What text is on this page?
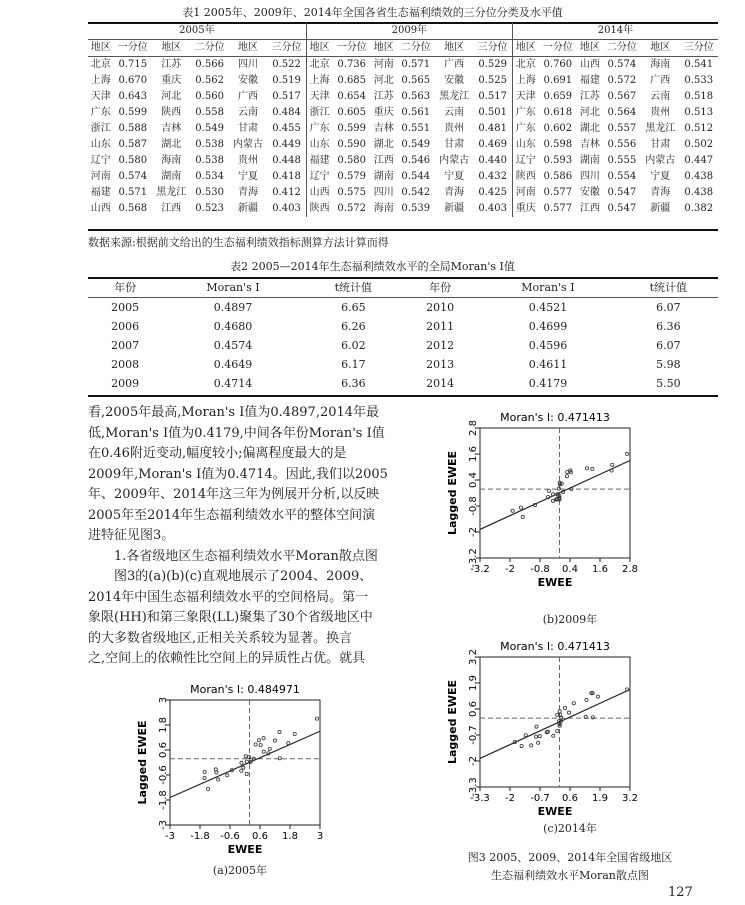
表1 2005年、2009年、2014年全国各省生态福利绩效的三分位分类及水平值
2005年						2009年						2014年					
地区	一分位	地区	二分位	地区	三分位	地区	一分位	地区	二分位	地区	三分位	地区	一分位	地区	二分位	地区	三分位
北京	0.715	江苏	0.566	四川	0.522	北京	0.736	河南	0.571	广西	0.529	北京	0.760	山西	0.574	海南	0.541
上海	0.670	重庆	0.562	安徽	0.519	上海	0.685	河北	0.565	安徽	0.525	上海	0.691	福建	0.572	广西	0.533
天津	0.643	河北	0.560	广西	0.517	天津	0.654	江苏	0.563	黑龙江	0.517	天津	0.659	江苏	0.567	云南	0.518
广东	0.599	陕西	0.558	云南	0.484	浙江	0.605	重庆	0.561	云南	0.501	广东	0.618	河北	0.564	贵州	0.513
浙江	0.588	吉林	0.549	甘肃	0.455	广东	0.599	吉林	0.551	贵州	0.481	广东	0.602	湖北	0.557	黑龙江	0.512
山东	0.587	湖北	0.538	内蒙古	0.449	山东	0.590	湖北	0.549	甘肃	0.469	山东	0.598	吉林	0.556	甘肃	0.502
辽宁	0.580	海南	0.538	贵州	0.448	福建	0.580	江西	0.546	内蒙古	0.440	辽宁	0.593	湖南	0.555	内蒙古	0.447
河南	0.574	湖南	0.534	宁夏	0.418	辽宁	0.579	湖南	0.544	宁夏	0.432	陕西	0.586	四川	0.554	宁夏	0.438
福建	0.571	黑龙江	0.530	青海	0.412	山西	0.575	四川	0.542	青海	0.425	河南	0.577	安徽	0.547	青海	0.438
山西	0.568	江西	0.523	新疆	0.403	陕西	0.572	海南	0.539	新疆	0.403	重庆	0.577	江西	0.547	新疆	0.382
数据来源:根据前文给出的生态福利绩效指标测算方法计算而得
表2 2005—2014年生态福利绩效水平的全局Moran's I值
年份	Moran's I	t统计值	年份	Moran's I	t统计值
2005	0.4897	6.65	2010	0.4521	6.07
2006	0.4680	6.26	2011	0.4699	6.36
2007	0.4574	6.02	2012	0.4596	6.07
2008	0.4649	6.17	2013	0.4611	5.98
2009	0.4714	6.36	2014	0.4179	5.50
看,2005年最高,Moran's I值为0.4897,2014年最
低,Moran's I值为0.4179,中间各年份Moran's I值
在0.46附近变动,幅度较小;偏离程度最大的是
2009年,Moran's I值为0.4714。因此,我们以2005
年、2009年、2014年这三年为例展开分析,以反映
2005年至2014年生态福利绩效水平的整体空间演
进特征见图3。
1.各省级地区生态福利绩效水平Moran散点图
图3的(a)(b)(c)直观地展示了2004、2009、
2014年中国生态福利绩效水平的空间格局。第一
象限(HH)和第三象限(LL)聚集了30个省级地区中
的大多数省级地区,正相关关系较为显著。换言
之,空间上的依赖性比空间上的异质性占优。就具
Moran's I: 0.471413
-3.2
2.8
-2
1.6
-0.8
0.4
0.4
-0.8
1.6
-2
2.8
-3.2
EWEE
Lagged EWEE
(b)2009年
Moran's I: 0.471413
-3.3
3.2
-2
1.9
-0.7
0.6
0.6
-0.7
1.9
-2
3.2
-3.3
EWEE
Lagged EWEE
(c)2014年
Moran's I: 0.484971
-3
3
-1.8
1.8
-0.6
0.6
0.6
-0.6
1.8
-1.8
3
-3
EWEE
Lagged EWEE
(a)2005年
图3 2005、2009、2014年全国省级地区
生态福利绩效水平Moran散点图
127
